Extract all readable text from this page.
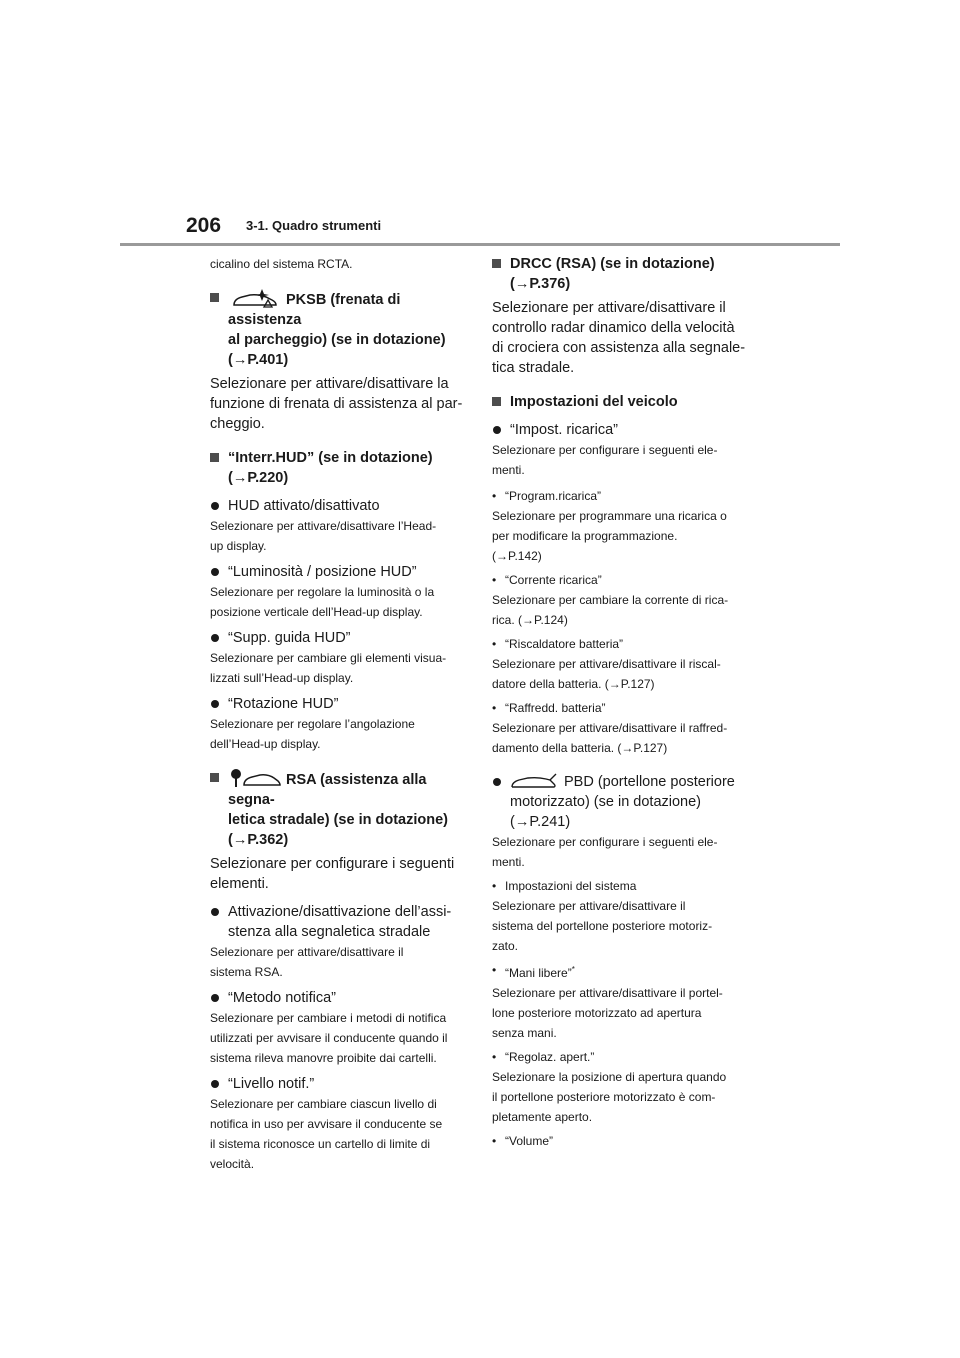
206 3-1. Quadro strumenti

cicalino del sistema RCTA.

PKSB (frenata di assistenza
al parcheggio) (se in dotazione)
(→P.401)

Selezionare per attivare/disattivare la

funzione di frenata di assistenza al par-

cheggio.

“Interr.HUD” (se in dotazione)
(→P.220)
HUD attivato/disattivato

Selezionare per attivare/disattivare l’Head-

up display.

“Luminosità / posizione HUD”

Selezionare per regolare la luminosità o la

posizione verticale dell’Head-up display.

“Supp. guida HUD”

Selezionare per cambiare gli elementi visua-

lizzati sull’Head-up display.

“Rotazione HUD”

Selezionare per regolare l’angolazione

dell’Head-up display.

RSA (assistenza alla segna-
letica stradale) (se in dotazione)
(→P.362)

Selezionare per configurare i seguenti

elementi.

Attivazione/disattivazione dell’assi-
stenza alla segnaletica stradale

Selezionare per attivare/disattivare il

sistema RSA.

“Metodo notifica”

Selezionare per cambiare i metodi di notifica

utilizzati per avvisare il conducente quando il

sistema rileva manovre proibite dai cartelli.

“Livello notif.”

Selezionare per cambiare ciascun livello di

notifica in uso per avvisare il conducente se

il sistema riconosce un cartello di limite di

velocità.

DRCC (RSA) (se in dotazione)
(→P.376)

Selezionare per attivare/disattivare il

controllo radar dinamico della velocità

di crociera con assistenza alla segnale-

tica stradale.

Impostazioni del veicolo
“Impost. ricarica”

Selezionare per configurare i seguenti ele-

menti.

• “Program.ricarica”

Selezionare per programmare una ricarica o

per modificare la programmazione.

(→P.142)

• “Corrente ricarica”

Selezionare per cambiare la corrente di rica-

rica. (→P.124)

• “Riscaldatore batteria”

Selezionare per attivare/disattivare il riscal-

datore della batteria. (→P.127)

• “Raffredd. batteria”

Selezionare per attivare/disattivare il raffred-

damento della batteria. (→P.127)

PBD (portellone posteriore
motorizzato) (se in dotazione)
(→P.241)

Selezionare per configurare i seguenti ele-

menti.

• Impostazioni del sistema

Selezionare per attivare/disattivare il

sistema del portellone posteriore motoriz-

zato.

• “Mani libere”*

Selezionare per attivare/disattivare il portel-

lone posteriore motorizzato ad apertura

senza mani.

• “Regolaz. apert.”

Selezionare la posizione di apertura quando

il portellone posteriore motorizzato è com-

pletamente aperto.

• “Volume”
